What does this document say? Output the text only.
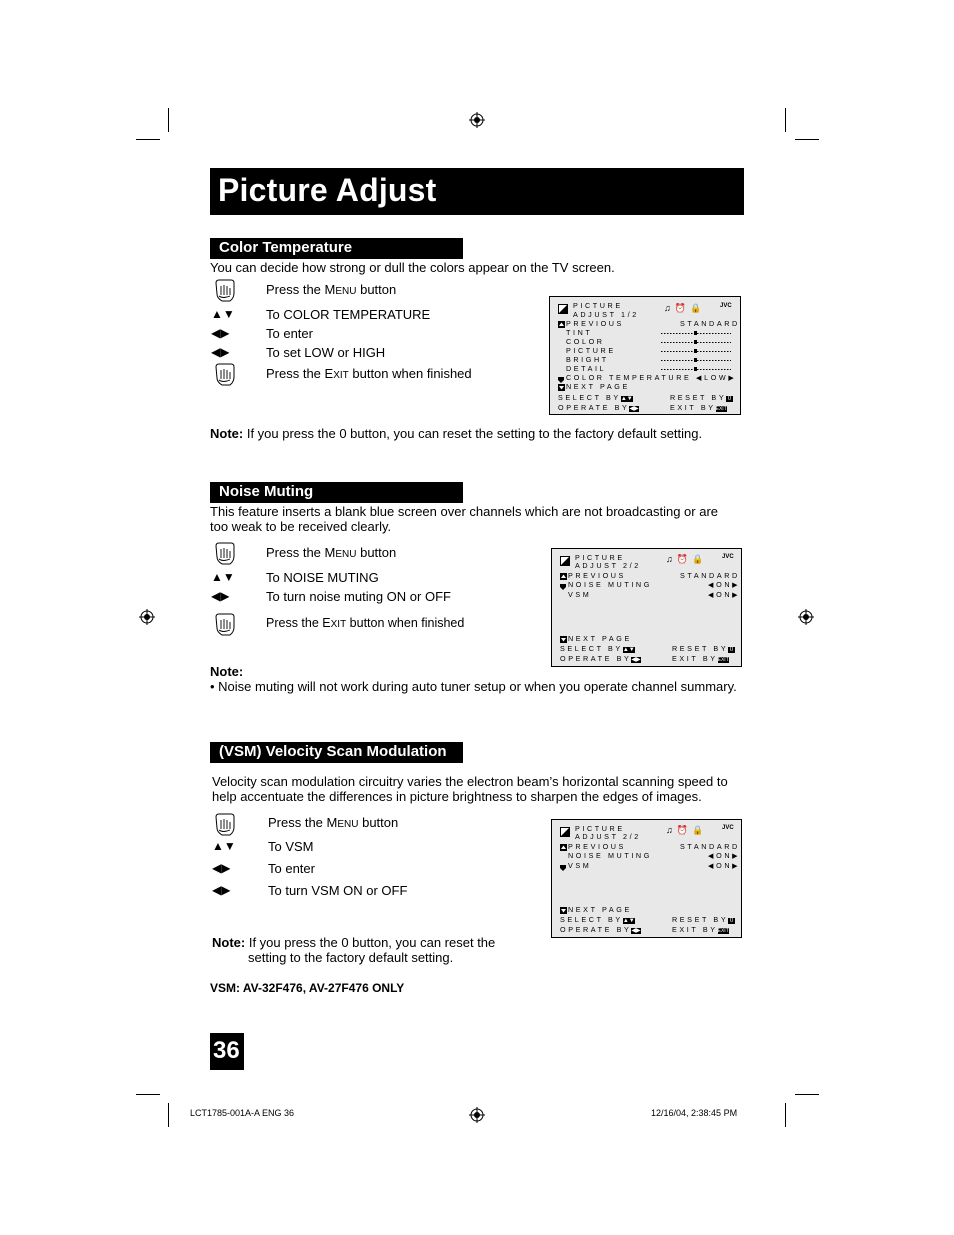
Picture Adjust
Color Temperature
You can decide how strong or dull the colors appear on the TV screen.
Press the MENU button
▲▼ To COLOR TEMPERATURE
◀▶	To enter
◀▶	To set LOW or HIGH
Press the EXIT button when finished
PICTURE
ADJUST 1/2
♫⏰🔒 JVC
PREVIOUS	STANDARD
TINT
COLOR
PICTURE
BRIGHT
DETAIL
COLOR TEMPERATURE ◀LOW▶
NEXT PAGE
SELECT BY▲▼	RESET BY 0
OPERATE BY◀▶	EXIT BYEXIT
Note: If you press the 0 button, you can reset the setting to the factory default setting.
Noise Muting
This feature inserts a blank blue screen over channels which are not broadcasting or are too weak to be received clearly.
Press the MENU button
▲▼ To NOISE MUTING
◀▶	To turn noise muting ON or OFF
Press the EXIT button when finished
PICTURE
ADJUST 2/2
♫⏰🔒 JVC
PREVIOUS	STANDARD
NOISE MUTING	◀ON▶
VSM	◀ON▶
NEXT PAGE
SELECT BY▲▼	RESET BY 0
OPERATE BY◀▶	EXIT BYEXIT
Note:
• Noise muting will not work during auto tuner setup or when you operate channel summary.
(VSM) Velocity Scan Modulation
Velocity scan modulation circuitry varies the electron beam’s horizontal scanning speed to help accentuate the differences in picture brightness to sharpen the edges of images.
Press the MENU button
▲▼ To VSM
◀▶	To enter
◀▶	To turn VSM ON or OFF
PICTURE
ADJUST 2/2
♫⏰🔒 JVC
PREVIOUS	STANDARD
NOISE MUTING	◀ON▶
VSM	◀ON▶
NEXT PAGE
SELECT BY▲▼	RESET BY 0
OPERATE BY◀▶	EXIT BYEXIT
Note: If you press the 0 button, you can reset the
setting to the factory default setting.
VSM: AV-32F476, AV-27F476 ONLY
36
LCT1785-001A-A ENG 36	12/16/04, 2:38:45 PM
